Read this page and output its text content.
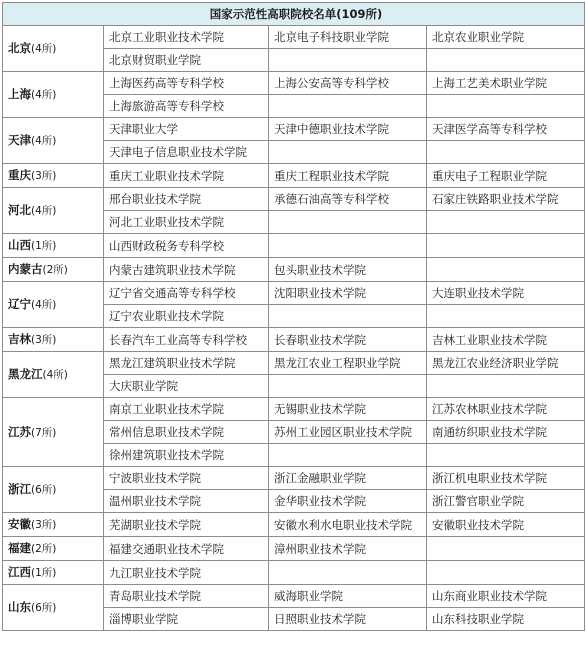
国家示范性高职院校名单(109所)			
北京(4所)	北京工业职业技术学院	北京电子科技职业学院	北京农业职业学院
	北京财贸职业学院		
上海(4所)	上海医药高等专科学校	上海公安高等专科学校	上海工艺美术职业学院
	上海旅游高等专科学校		
天津(4所)	天津职业大学	天津中德职业技术学院	天津医学高等专科学校
	天津电子信息职业技术学院		
重庆(3所)	重庆工业职业技术学院	重庆工程职业技术学院	重庆电子工程职业学院
河北(4所)	邢台职业技术学院	承德石油高等专科学校	石家庄铁路职业技术学院
	河北工业职业技术学院		
山西(1所)	山西财政税务专科学校		
内蒙古(2所)	内蒙古建筑职业技术学院	包头职业技术学院	
辽宁(4所)	辽宁省交通高等专科学校	沈阳职业技术学院	大连职业技术学院
	辽宁农业职业技术学院		
吉林(3所)	长春汽车工业高等专科学校	长春职业技术学院	吉林工业职业技术学院
黑龙江(4所)	黑龙江建筑职业技术学院	黑龙江农业工程职业学院	黑龙江农业经济职业学院
	大庆职业学院		
江苏(7所)	南京工业职业技术学院	无锡职业技术学院	江苏农林职业技术学院
	常州信息职业技术学院	苏州工业园区职业技术学院	南通纺织职业技术学院
	徐州建筑职业技术学院		
浙江(6所)	宁波职业技术学院	浙江金融职业学院	浙江机电职业技术学院
	温州职业技术学院	金华职业技术学院	浙江警官职业学院
安徽(3所)	芜湖职业技术学院	安徽水利水电职业技术学院	安徽职业技术学院
福建(2所)	福建交通职业技术学院	漳州职业技术学院	
江西(1所)	九江职业技术学院		
山东(6所)	青岛职业技术学院	威海职业学院	山东商业职业技术学院
	淄博职业学院	日照职业技术学院	山东科技职业学院
